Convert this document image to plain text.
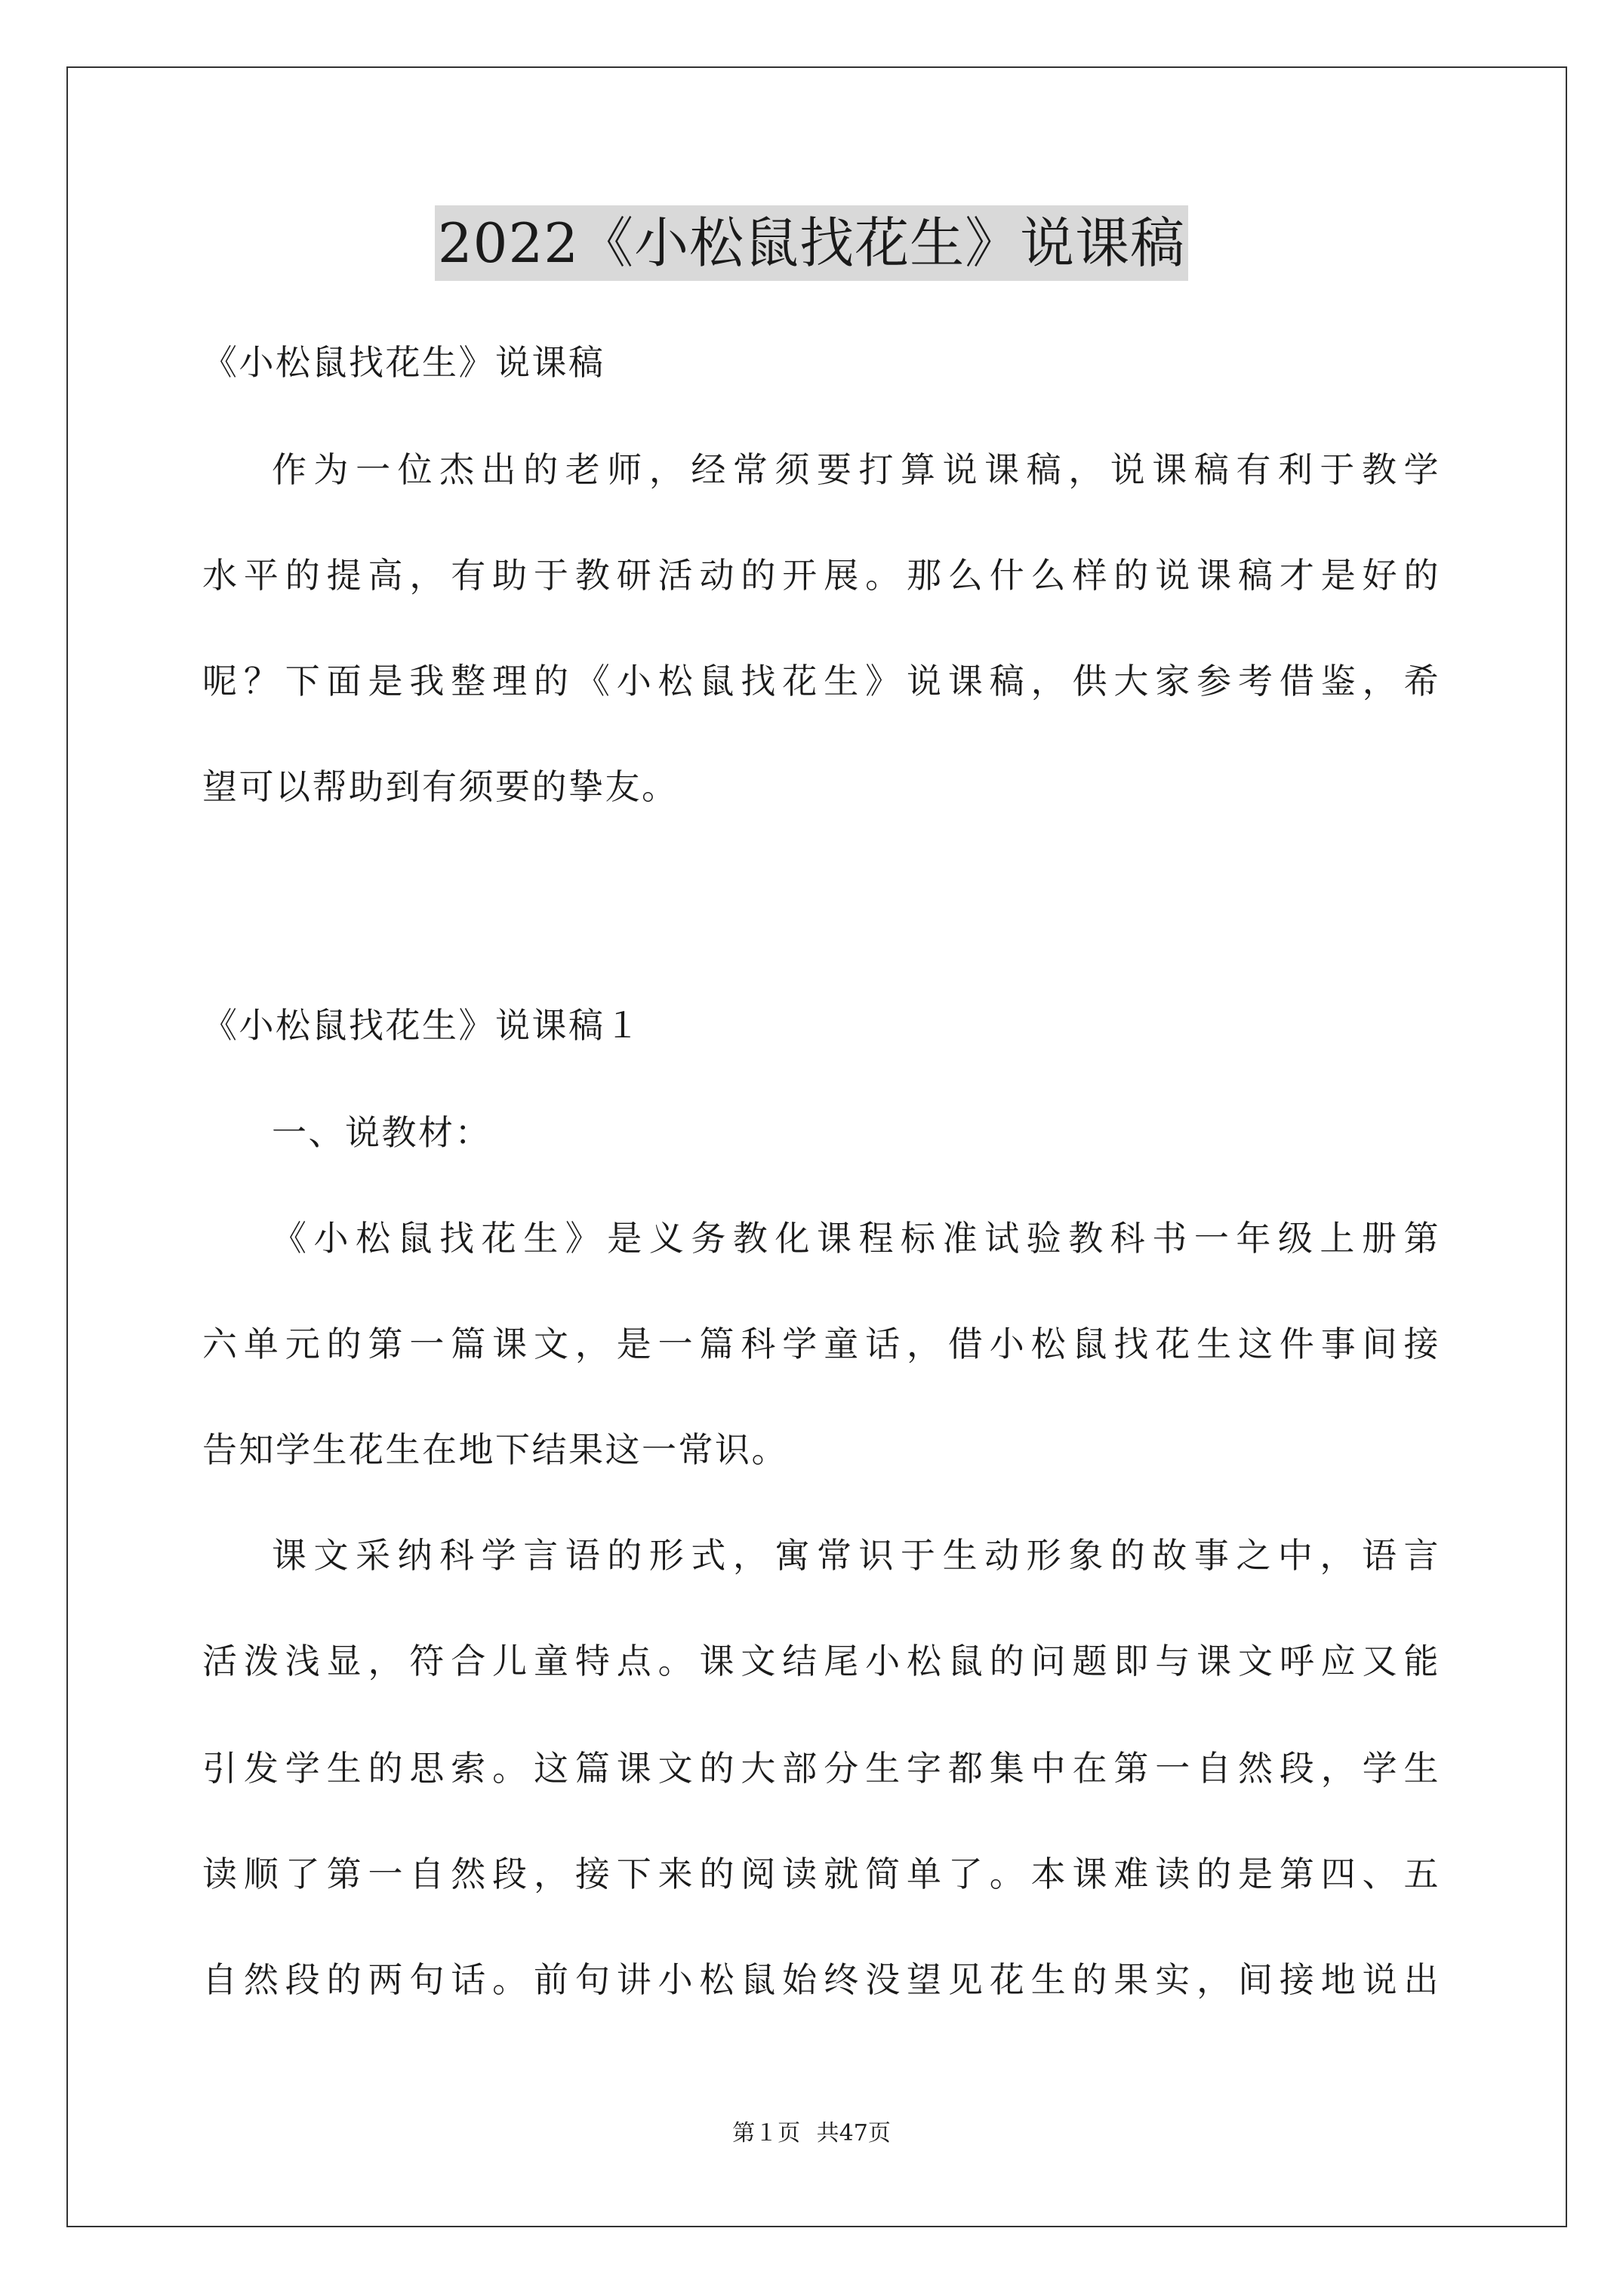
2022《小松鼠找花生》说课稿
《小松鼠找花生》说课稿
作为一位杰出的老师，经常须要打算说课稿，说课稿有利于教学
水平的提高，有助于教研活动的开展。那么什么样的说课稿才是好的
呢？下面是我整理的《小松鼠找花生》说课稿，供大家参考借鉴，希
望可以帮助到有须要的挚友。
《小松鼠找花生》说课稿１
一、说教材：
《小松鼠找花生》是义务教化课程标准试验教科书一年级上册第
六单元的第一篇课文，是一篇科学童话，借小松鼠找花生这件事间接
告知学生花生在地下结果这一常识。
课文采纳科学言语的形式，寓常识于生动形象的故事之中，语言
活泼浅显，符合儿童特点。课文结尾小松鼠的问题即与课文呼应又能
引发学生的思索。这篇课文的大部分生字都集中在第一自然段，学生
读顺了第一自然段，接下来的阅读就简单了。本课难读的是第四、五
自然段的两句话。前句讲小松鼠始终没望见花生的果实，间接地说出
第１页 共47页
